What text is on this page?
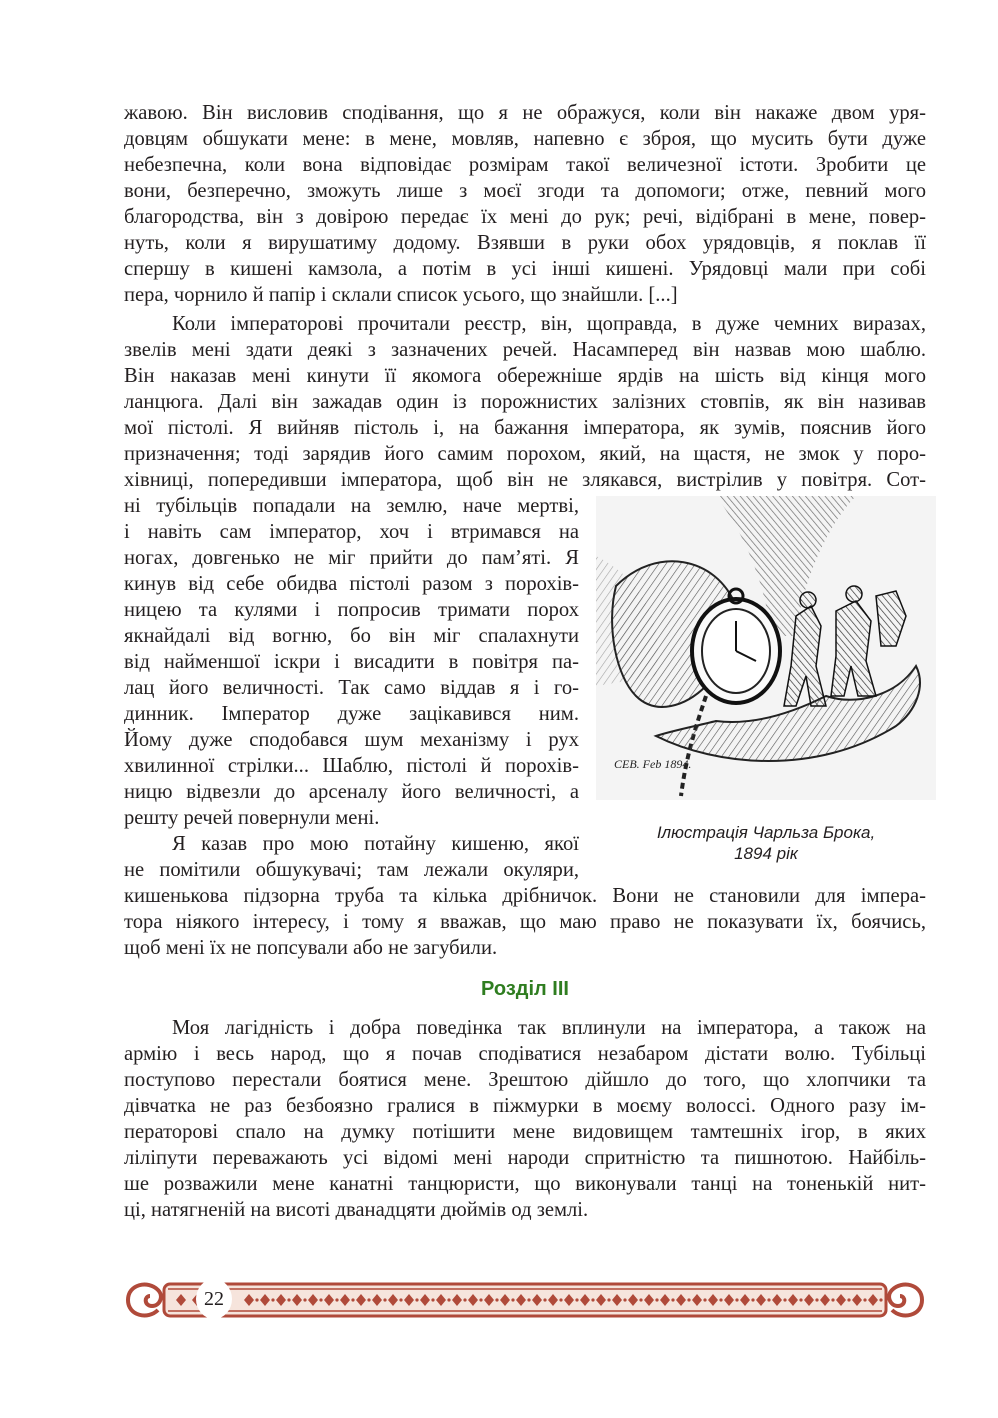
жавою. Він висловив сподівання, що я не ображуся, коли він накаже двом уря-
довцям обшукати мене: в мене, мовляв, напевно є зброя, що мусить бути дуже
небезпечна, коли вона відповідає розмірам такої величезної істоти. Зробити це
вони, безперечно, зможуть лише з моєї згоди та допомоги; отже, певний мого
благородства, він з довірою передає їх мені до рук; речі, відібрані в мене, повер-
нуть, коли я вирушатиму додому. Взявши в руки обох урядовців, я поклав її
спершу в кишені камзола, а потім в усі інші кишені. Урядовці мали при собі
пера, чорнило й папір і склали список усього, що знайшли. [...]
Коли імператорові прочитали реєстр, він, щоправда, в дуже чемних виразах,
звелів мені здати деякі з зазначених речей. Насамперед він назвав мою шаблю.
Він наказав мені кинути її якомога обережніше ярдів на шість від кінця мого
ланцюга. Далі він зажадав один із порожнистих залізних стовпів, як він називав
мої пістолі. Я вийняв пістоль і, на бажання імператора, як зумів, пояснив його
призначення; тоді зарядив його самим порохом, який, на щастя, не змок у поро-
хівниці, попередивши імператора, щоб він не злякався, вистрілив у повітря. Сот-
ні тубільців попадали на землю, наче мертві,
і навіть сам імператор, хоч і втримався на
ногах, довгенько не міг прийти до пам’яті. Я
кинув від себе обидва пістолі разом з порохів-
ницею та кулями і попросив тримати порох
якнайдалі від вогню, бо він міг спалахнути
від найменшої іскри і висадити в повітря па-
лац його величності. Так само віддав я і го-
динник. Імператор дуже зацікавився ним.
Йому дуже сподобався шум механізму і рух
хвилинної стрілки... Шаблю, пістолі й порохів-
ницю відвезли до арсеналу його величності, а
решту речей повернули мені.
Я казав про мою потайну кишеню, якої
не помітили обшукувачі; там лежали окуляри,
кишенькова підзорна труба та кілька дрібничок. Вони не становили для імпера-
тора ніякого інтересу, і тому я вважав, що маю право не показувати їх, боячись,
щоб мені їх не попсували або не загубили.
CEB. Feb 1894.
Ілюстрація Чарльза Брока,
1894 рік
Розділ ІІІ
Моя лагідність і добра поведінка так вплинули на імператора, а також на
армію і весь народ, що я почав сподіватися незабаром дістати волю. Тубільці
поступово перестали боятися мене. Зрештою дійшло до того, що хлопчики та
дівчатка не раз безбоязно гралися в піжмурки в моєму волоссі. Одного разу ім-
ператорові спало на думку потішити мене видовищем тамтешніх ігор, в яких
ліліпути переважають усі відомі мені народи спритністю та пишнотою. Найбіль-
ше розважили мене канатні танцюристи, що виконували танці на тоненькій нит-
ці, натягненій на висоті дванадцяти дюймів од землі.
22
